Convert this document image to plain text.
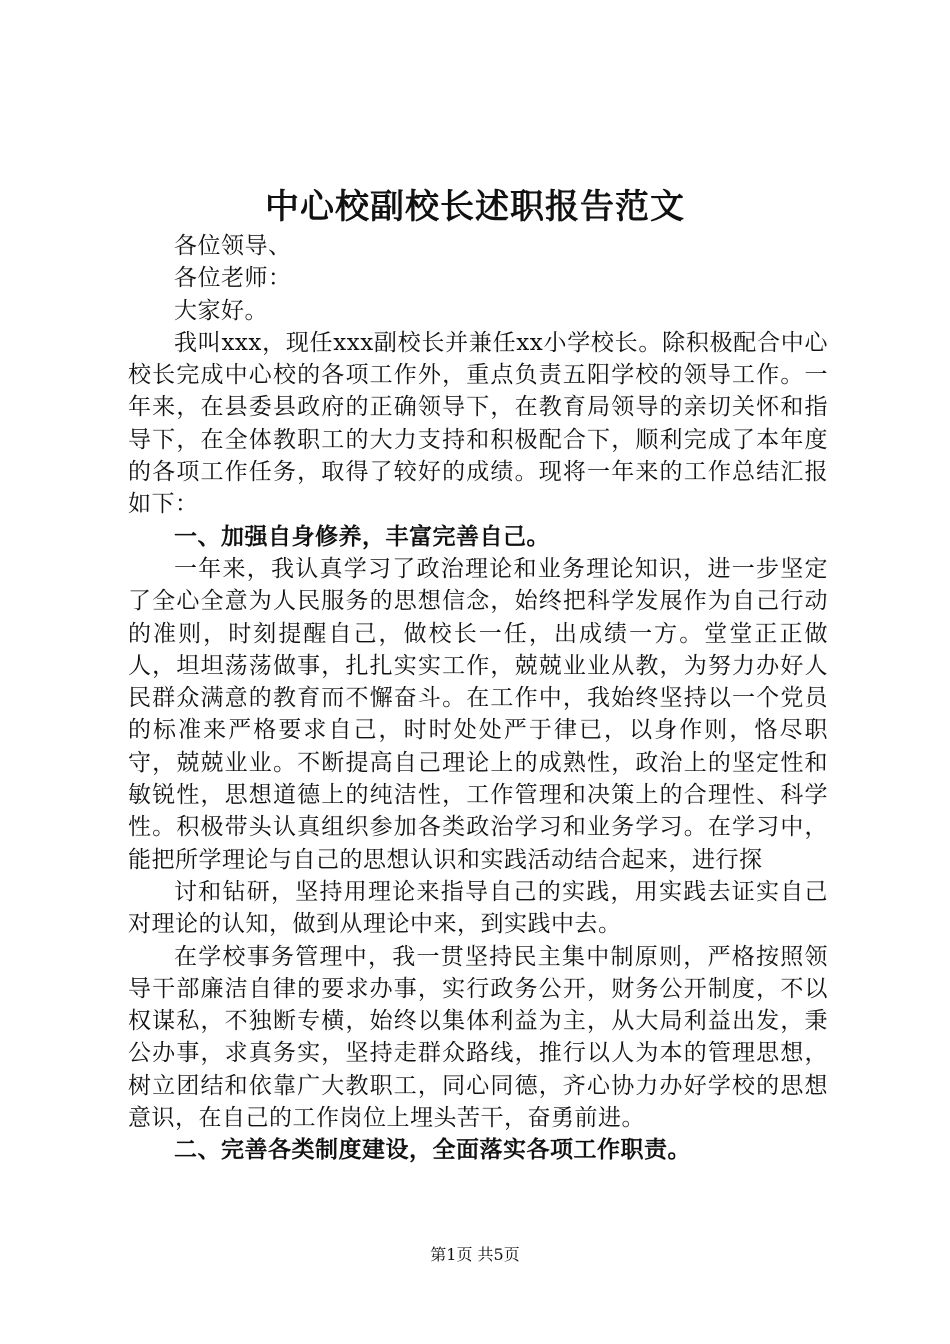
中心校副校长述职报告范文

各位领导、

各位老师：

大家好。

我叫xxx，现任xxx副校长并兼任xx小学校长。除积极配合中心校长完成中心校的各项工作外，重点负责五阳学校的领导工作。一年来，在县委县政府的正确领导下，在教育局领导的亲切关怀和指导下，在全体教职工的大力支持和积极配合下，顺利完成了本年度的各项工作任务，取得了较好的成绩。现将一年来的工作总结汇报如下：

一、加强自身修养，丰富完善自己。

一年来，我认真学习了政治理论和业务理论知识，进一步坚定了全心全意为人民服务的思想信念，始终把科学发展作为自己行动的准则，时刻提醒自己，做校长一任，出成绩一方。堂堂正正做人，坦坦荡荡做事，扎扎实实工作，兢兢业业从教，为努力办好人民群众满意的教育而不懈奋斗。在工作中，我始终坚持以一个党员的标准来严格要求自己，时时处处严于律已，以身作则，恪尽职守，兢兢业业。不断提高自己理论上的成熟性，政治上的坚定性和敏锐性，思想道德上的纯洁性，工作管理和决策上的合理性、科学性。积极带头认真组织参加各类政治学习和业务学习。在学习中，能把所学理论与自己的思想认识和实践活动结合起来，进行探

讨和钻研，坚持用理论来指导自己的实践，用实践去证实自己对理论的认知，做到从理论中来，到实践中去。

在学校事务管理中，我一贯坚持民主集中制原则，严格按照领导干部廉洁自律的要求办事，实行政务公开，财务公开制度，不以权谋私，不独断专横，始终以集体利益为主，从大局利益出发，秉公办事，求真务实，坚持走群众路线，推行以人为本的管理思想，树立团结和依靠广大教职工，同心同德，齐心协力办好学校的思想意识，在自己的工作岗位上埋头苦干，奋勇前进。

二、完善各类制度建设，全面落实各项工作职责。

第1页 共5页
